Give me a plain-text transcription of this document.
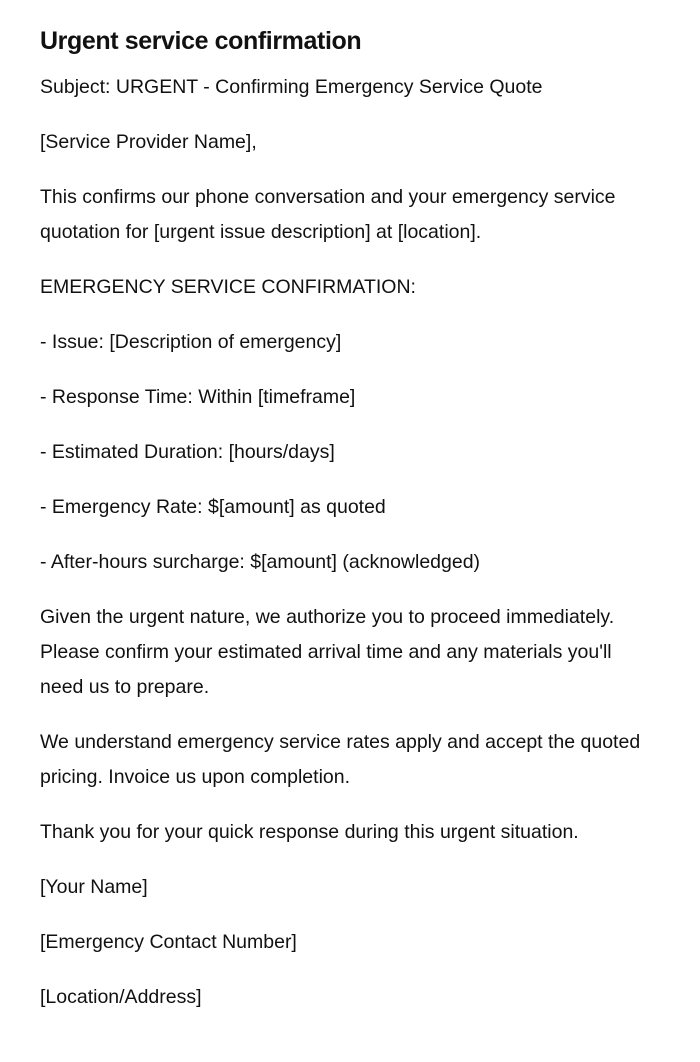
Urgent service confirmation

Subject: URGENT - Confirming Emergency Service Quote

[Service Provider Name],

This confirms our phone conversation and your emergency service quotation for [urgent issue description] at [location].

EMERGENCY SERVICE CONFIRMATION:

- Issue: [Description of emergency]

- Response Time: Within [timeframe]

- Estimated Duration: [hours/days]

- Emergency Rate: $[amount] as quoted

- After-hours surcharge: $[amount] (acknowledged)

Given the urgent nature, we authorize you to proceed immediately. Please confirm your estimated arrival time and any materials you'll need us to prepare.

We understand emergency service rates apply and accept the quoted pricing. Invoice us upon completion.

Thank you for your quick response during this urgent situation.

[Your Name]

[Emergency Contact Number]

[Location/Address]
